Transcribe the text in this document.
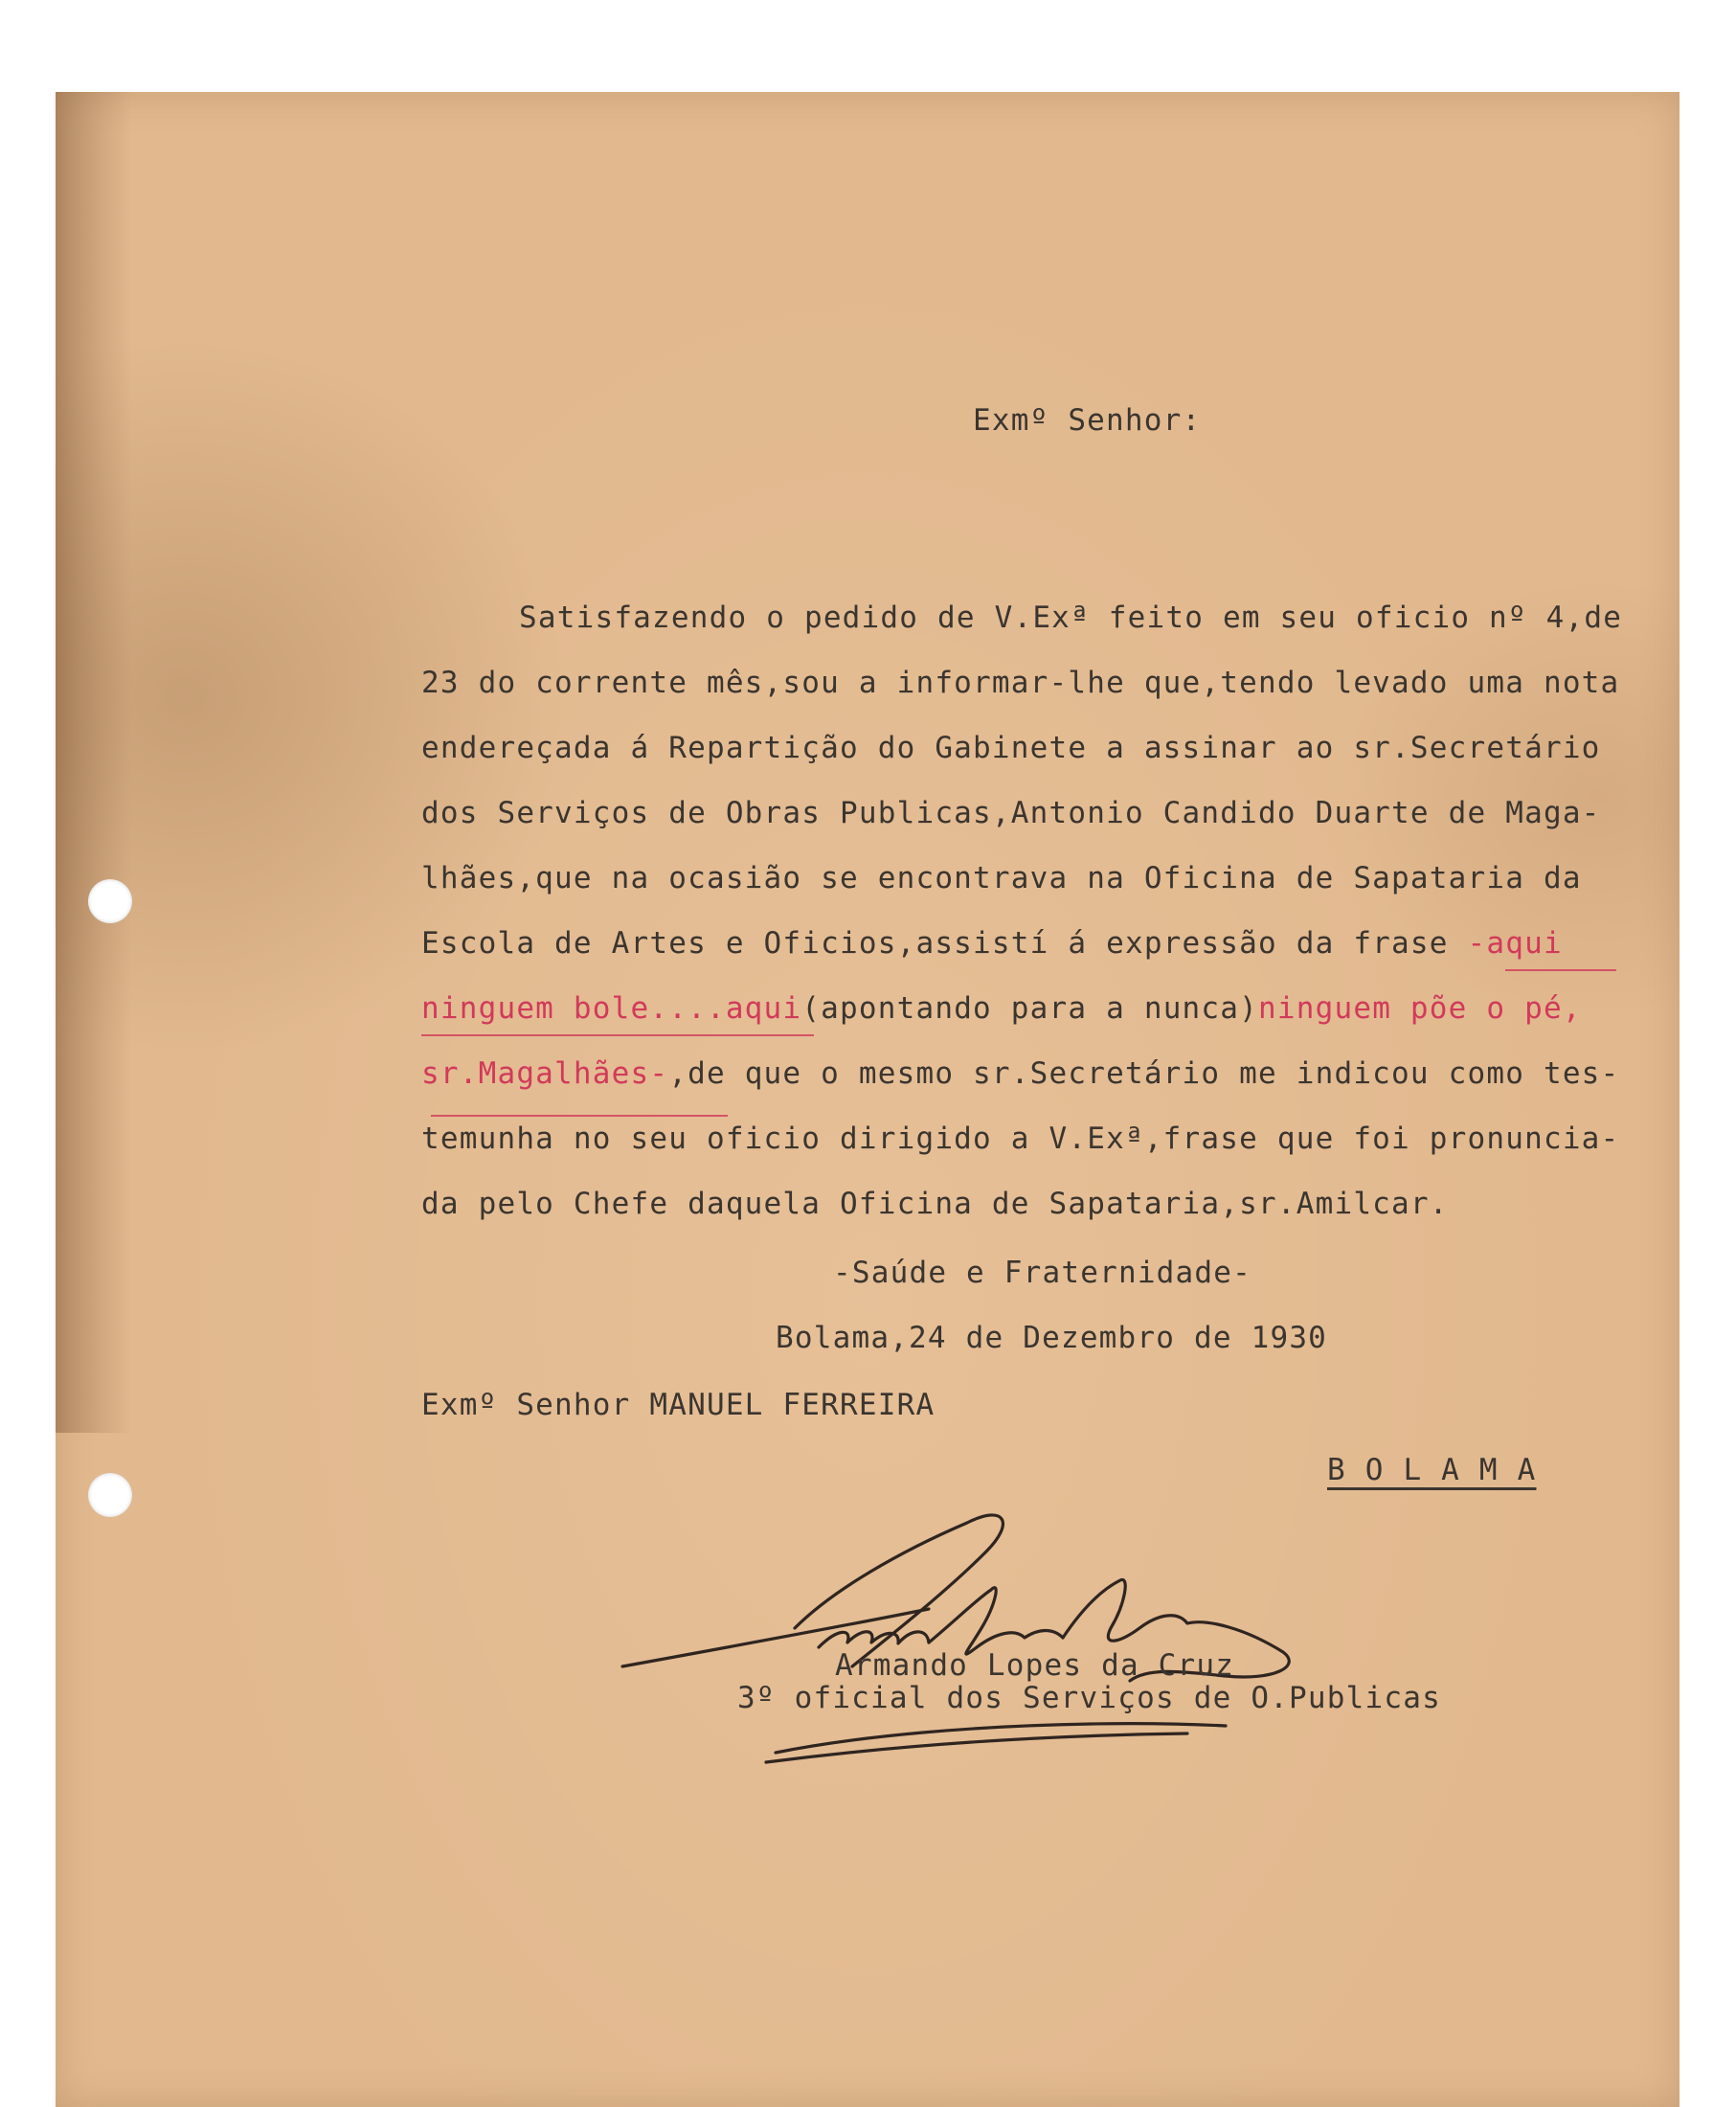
Exmº Senhor:
Satisfazendo o pedido de V.Exª feito em seu oficio nº 4,de
23 do corrente mês,sou a informar-lhe que,tendo levado uma nota
endereçada á Repartição do Gabinete a assinar ao sr.Secretário
dos Serviços de Obras Publicas,Antonio Candido Duarte de Maga-
lhães,que na ocasião se encontrava na Oficina de Sapataria da
Escola de Artes e Oficios,assistí á expressão da frase -aqui
ninguem bole....aqui(apontando para a nunca)ninguem põe o pé,
sr.Magalhães-,de que o mesmo sr.Secretário me indicou como tes-
temunha no seu oficio dirigido a V.Exª,frase que foi pronuncia-
da pelo Chefe daquela Oficina de Sapataria,sr.Amilcar.
-Saúde e Fraternidade-
Bolama,24 de Dezembro de 1930
Exmº Senhor MANUEL FERREIRA
B O L A M A
Armando Lopes da Cruz
3º oficial dos Serviços de O.Publicas
